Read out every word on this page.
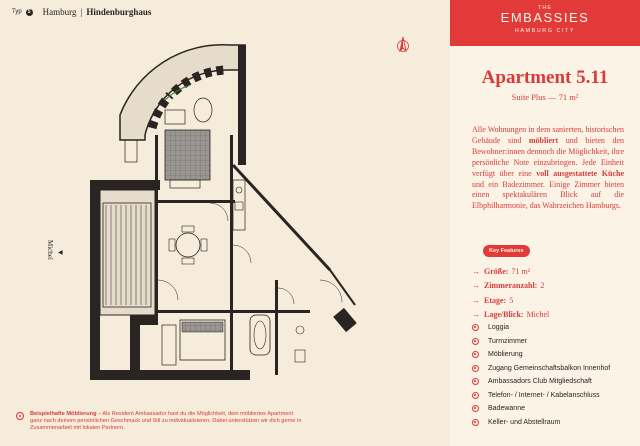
Typ	5 Hamburg | Hindenburghaus
Michel ◀
Beispielhafte Möblierung – Als Resident Ambassador hast du die Möglichkeit, dein möbliertes Apartment ganz nach deinem persönlichen Geschmack und Stil zu individualisieren. Dabei unterstützen wir dich gerne in Zusammenarbeit mit lokalen Partnern.
THE
EMBASSIES
HAMBURG CITY
Apartment 5.11
Suite Plus — 71 m²
Alle Wohnungen in dem sanierten, historischen Gebäude sind möbliert und bieten den Bewohner:innen dennoch die Möglichkeit, ihre persönliche Note einzubringen. Jede Einheit verfügt über eine voll ausgestattete Küche und ein Badezimmer. Einige Zimmer bieten einen spektakulären Blick auf die Elbphilharmonie, das Wahrzeichen Hamburgs.
Key Features
→ Größe: 71 m²
→ Zimmeranzahl: 2
→ Etage: 5
→ Lage/Blick: Michel
Loggia
Turmzimmer
Möblierung
Zugang Gemeinschaftsbalkon Innenhof
Ambassadors Club Mitgliedschaft
Telefon- / Internet- / Kabelanschluss
Badewanne
Keller- und Abstellraum
